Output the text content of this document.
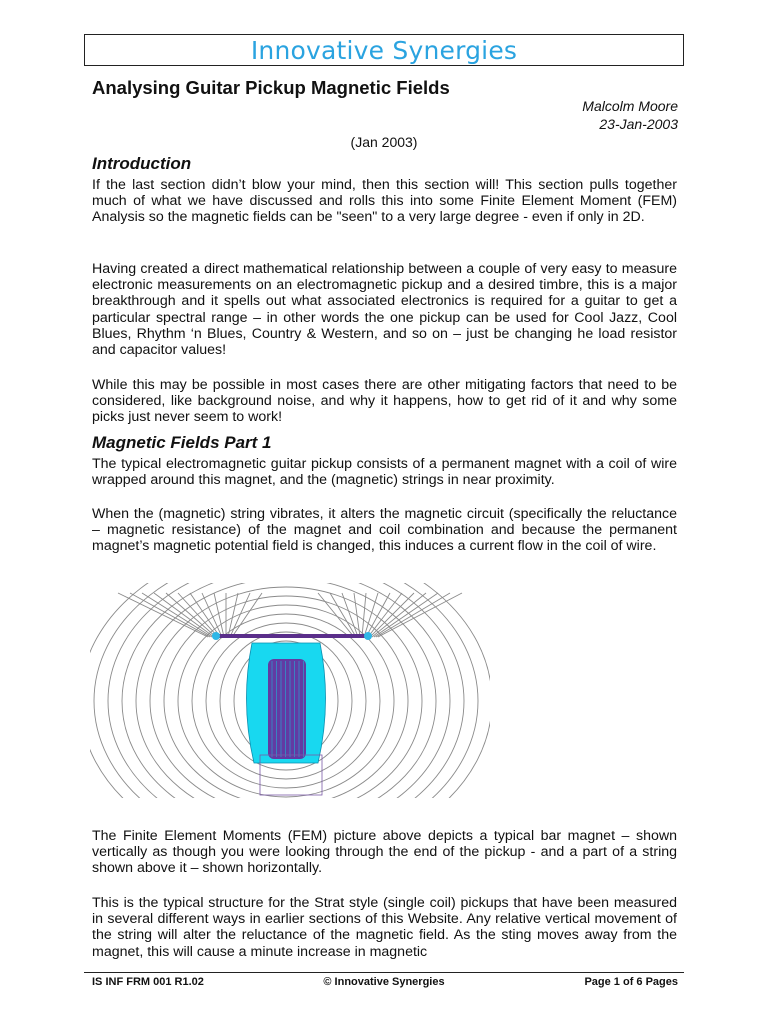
Innovative Synergies
Analysing Guitar Pickup Magnetic Fields
Malcolm Moore
23-Jan-2003
(Jan 2003)
Introduction

If the last section didn’t blow your mind, then this section will! This section pulls together much of what we have discussed and rolls this into some Finite Element Moment (FEM) Analysis so the magnetic fields can be "seen" to a very large degree - even if only in 2D.

Having created a direct mathematical relationship between a couple of very easy to measure electronic measurements on an electromagnetic pickup and a desired timbre, this is a major breakthrough and it spells out what associated electronics is required for a guitar to get a particular spectral range – in other words the one pickup can be used for Cool Jazz, Cool Blues, Rhythm ‘n Blues, Country & Western, and so on – just be changing he load resistor and capacitor values!

While this may be possible in most cases there are other mitigating factors that need to be considered, like background noise, and why it happens, how to get rid of it and why some picks just never seem to work!

Magnetic Fields Part 1

The typical electromagnetic guitar pickup consists of a permanent magnet with a coil of wire wrapped around this magnet, and the (magnetic) strings in near proximity.

When the (magnetic) string vibrates, it alters the magnetic circuit (specifically the reluctance – magnetic resistance) of the magnet and coil combination and because the permanent magnet’s magnetic potential field is changed, this induces a current flow in the coil of wire.

The Finite Element Moments (FEM) picture above depicts a typical bar magnet – shown vertically as though you were looking through the end of the pickup - and a part of a string shown above it – shown horizontally.

This is the typical structure for the Strat style (single coil) pickups that have been measured in several different ways in earlier sections of this Website. Any relative vertical movement of the string will alter the reluctance of the magnetic field. As the sting moves away from the magnet, this will cause a minute increase in magnetic

IS INF FRM 001 R1.02	© Innovative Synergies	Page 1 of 6 Pages
